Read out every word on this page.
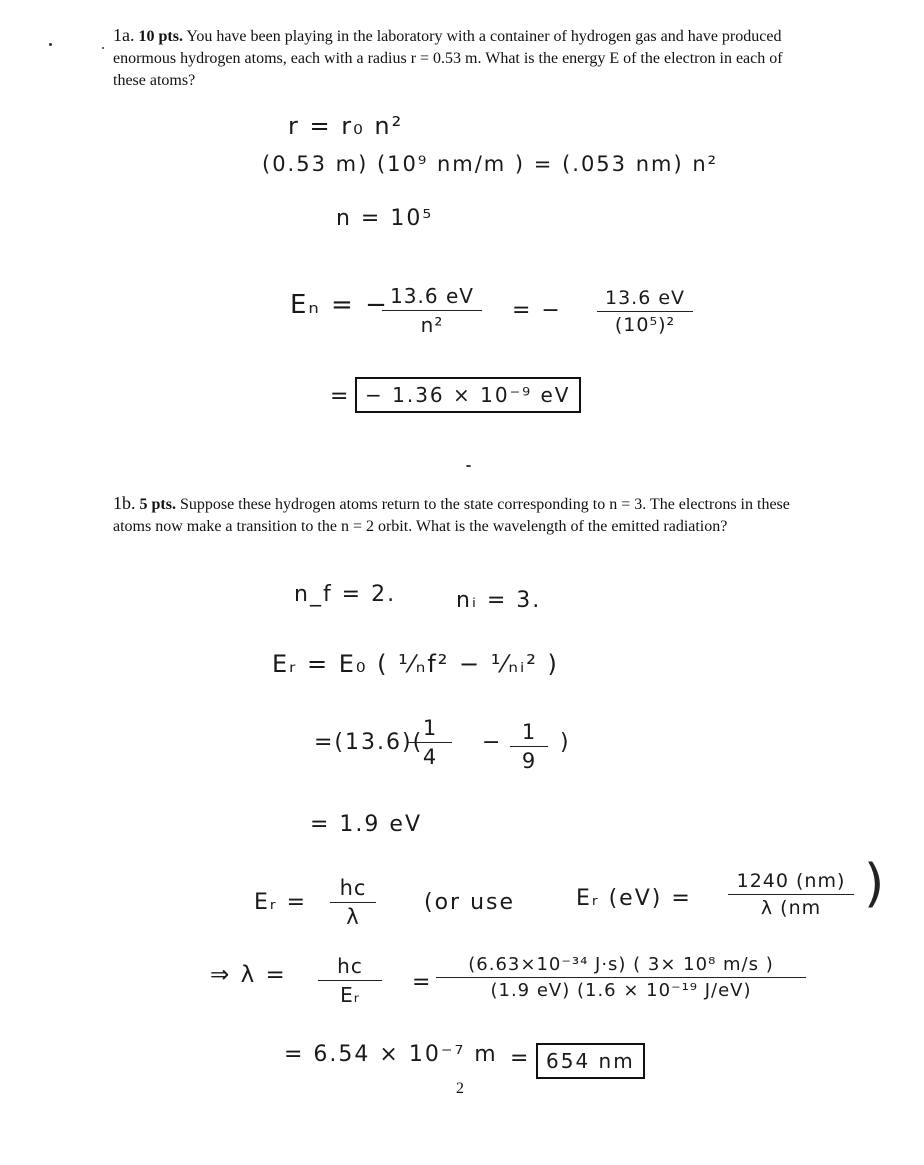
1a. 10 pts. You have been playing in the laboratory with a container of hydrogen gas and have produced enormous hydrogen atoms, each with a radius r = 0.53 m. What is the energy E of the electron in each of these atoms?
r = r₀ n²
(0.53 m) (10⁹ nm/m ) = (.053 nm) n²
n = 10⁵
Eₙ = −
$\frac{13.6 eV}{\text{n²}}$ = − $\frac{13.6 eV}{\text{(10⁵)²}}$
= − 1.36 × 10⁻⁹ eV
1b. 5 pts. Suppose these hydrogen atoms return to the state corresponding to n = 3. The electrons in these atoms now make a transition to the n = 2 orbit. What is the wavelength of the emitted radiation?
n_f = 2.	nᵢ = 3.
Eᵣ = E₀ ( ¹⁄ₙf² − ¹⁄ₙᵢ² )
=(13.6)(
$\frac{1}{4} - \frac{1}{9}$ )
= 1.9 eV
Eᵣ = $\frac{hc}{\lambda} (or$ use	Eᵣ $(eV) = \frac{1240 (nm)}{\lambda (nm}$ )
⇒ $\lambda = \frac{hc}{\text{Eᵣ}} = \frac{\text{(6.63×10⁻³⁴ J·s) ( 3× 10⁸ m/s )}}{\text{(1.9 eV) (1.6 × 10⁻¹⁹ J/eV)}}$
= 6.54 × 10⁻⁷ m = 654 nm
2
